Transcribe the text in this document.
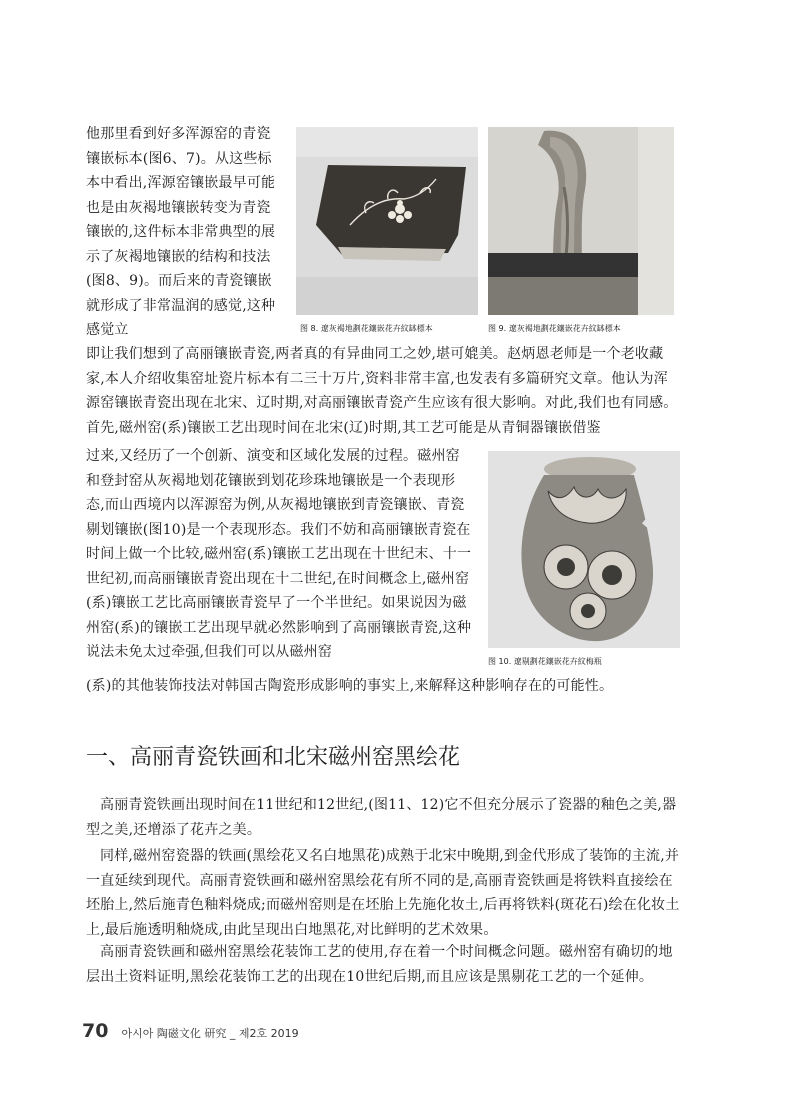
他那里看到好多浑源窑的青瓷镶嵌标本(图6、7)。从这些标本中看出,浑源窑镶嵌最早可能也是由灰褐地镶嵌转变为青瓷镶嵌的,这件标本非常典型的展示了灰褐地镶嵌的结构和技法(图8、9)。而后来的青瓷镶嵌就形成了非常温润的感觉,这种感觉立	图 8. 遼灰褐地劃花鑲嵌花卉紋缽標本	图 9. 遼灰褐地劃花鑲嵌花卉紋缽標本

即让我们想到了高丽镶嵌青瓷,两者真的有异曲同工之妙,堪可媲美。赵炳恩老师是一个老收藏家,本人介绍收集窑址瓷片标本有二三十万片,资料非常丰富,也发表有多篇研究文章。他认为浑源窑镶嵌青瓷出现在北宋、辽时期,对高丽镶嵌青瓷产生应该有很大影响。对此,我们也有同感。首先,磁州窑(系)镶嵌工艺出现时间在北宋(辽)时期,其工艺可能是从青铜器镶嵌借鉴

过来,又经历了一个创新、演变和区域化发展的过程。磁州窑和登封窑从灰褐地划花镶嵌到划花珍珠地镶嵌是一个表现形态,而山西境内以浑源窑为例,从灰褐地镶嵌到青瓷镶嵌、青瓷剔划镶嵌(图10)是一个表现形态。我们不妨和高丽镶嵌青瓷在时间上做一个比较,磁州窑(系)镶嵌工艺出现在十世纪末、十一世纪初,而高丽镶嵌青瓷出现在十二世纪,在时间概念上,磁州窑(系)镶嵌工艺比高丽镶嵌青瓷早了一个半世纪。如果说因为磁州窑(系)的镶嵌工艺出现早就必然影响到了高丽镶嵌青瓷,这种说法未免太过牵强,但我们可以从磁州窑

图 10. 遼剔劃花鑲嵌花卉紋梅瓶

(系)的其他装饰技法对韩国古陶瓷形成影响的事实上,来解释这种影响存在的可能性。

一、高丽青瓷铁画和北宋磁州窑黑绘花

高丽青瓷铁画出现时间在11世纪和12世纪,(图11、12)它不但充分展示了瓷器的釉色之美,器型之美,还增添了花卉之美。

同样,磁州窑瓷器的铁画(黑绘花又名白地黑花)成熟于北宋中晚期,到金代形成了装饰的主流,并一直延续到现代。高丽青瓷铁画和磁州窑黑绘花有所不同的是,高丽青瓷铁画是将铁料直接绘在坯胎上,然后施青色釉料烧成;而磁州窑则是在坯胎上先施化妆土,后再将铁料(斑花石)绘在化妆土上,最后施透明釉烧成,由此呈现出白地黑花,对比鲜明的艺术效果。

高丽青瓷铁画和磁州窑黑绘花装饰工艺的使用,存在着一个时间概念问题。磁州窑有确切的地层出土资料证明,黑绘花装饰工艺的出现在10世纪后期,而且应该是黑剔花工艺的一个延伸。

70 아시아 陶磁文化 研究 _ 제2호 2019
